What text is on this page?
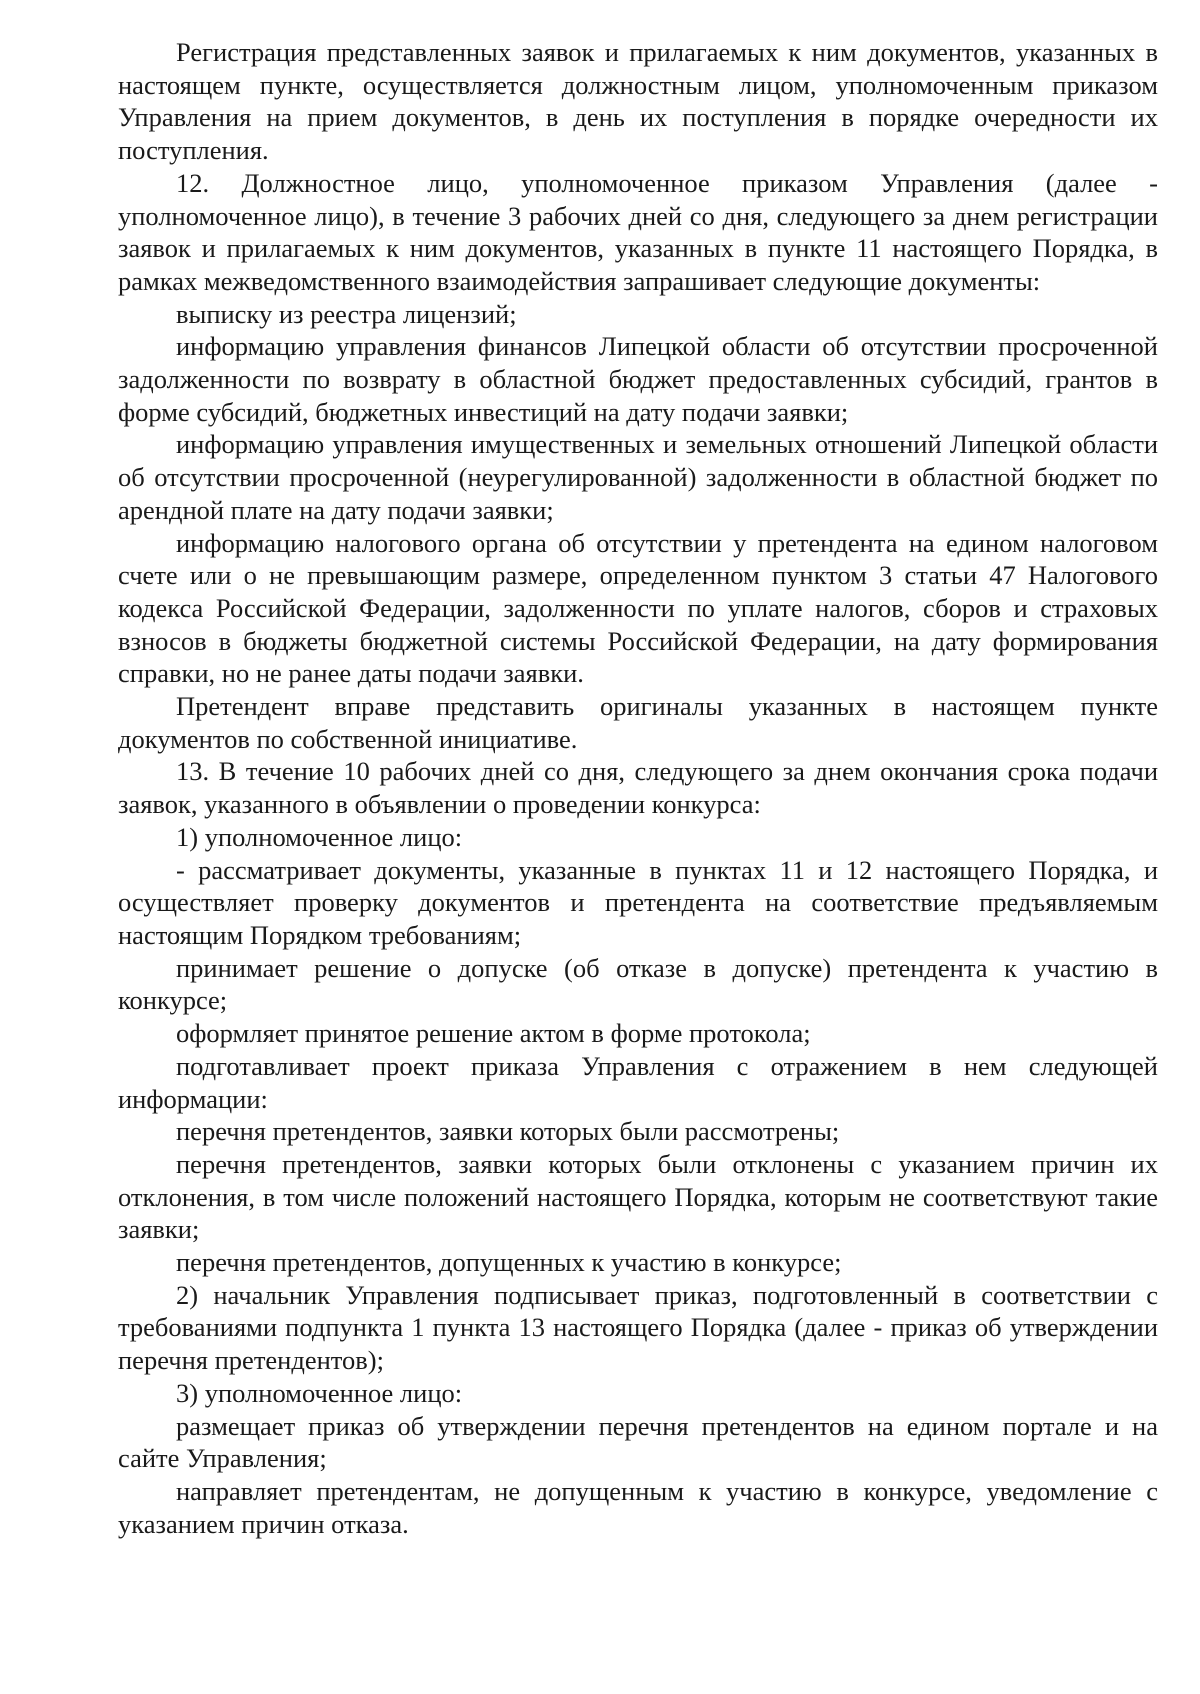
Регистрация представленных заявок и прилагаемых к ним документов, указанных в настоящем пункте, осуществляется должностным лицом, уполномоченным приказом Управления на прием документов, в день их поступления в порядке очередности их поступления.

12. Должностное лицо, уполномоченное приказом Управления (далее - уполномоченное лицо), в течение 3 рабочих дней со дня, следующего за днем регистрации заявок и прилагаемых к ним документов, указанных в пункте 11 настоящего Порядка, в рамках межведомственного взаимодействия запрашивает следующие документы:

выписку из реестра лицензий;

информацию управления финансов Липецкой области об отсутствии просроченной задолженности по возврату в областной бюджет предоставленных субсидий, грантов в форме субсидий, бюджетных инвестиций на дату подачи заявки;

информацию управления имущественных и земельных отношений Липецкой области об отсутствии просроченной (неурегулированной) задолженности в областной бюджет по арендной плате на дату подачи заявки;

информацию налогового органа об отсутствии у претендента на едином налоговом счете или о не превышающим размере, определенном пунктом 3 статьи 47 Налогового кодекса Российской Федерации, задолженности по уплате налогов, сборов и страховых взносов в бюджеты бюджетной системы Российской Федерации, на дату формирования справки, но не ранее даты подачи заявки.

Претендент вправе представить оригиналы указанных в настоящем пункте документов по собственной инициативе.

13. В течение 10 рабочих дней со дня, следующего за днем окончания срока подачи заявок, указанного в объявлении о проведении конкурса:

1) уполномоченное лицо:

- рассматривает документы, указанные в пунктах 11 и 12 настоящего Порядка, и осуществляет проверку документов и претендента на соответствие предъявляемым настоящим Порядком требованиям;

принимает решение о допуске (об отказе в допуске) претендента к участию в конкурсе;

оформляет принятое решение актом в форме протокола;

подготавливает проект приказа Управления с отражением в нем следующей информации:

перечня претендентов, заявки которых были рассмотрены;

перечня претендентов, заявки которых были отклонены с указанием причин их отклонения, в том числе положений настоящего Порядка, которым не соответствуют такие заявки;

перечня претендентов, допущенных к участию в конкурсе;

2) начальник Управления подписывает приказ, подготовленный в соответствии с требованиями подпункта 1 пункта 13 настоящего Порядка (далее - приказ об утверждении перечня претендентов);

3) уполномоченное лицо:

размещает приказ об утверждении перечня претендентов на едином портале и на сайте Управления;

направляет претендентам, не допущенным к участию в конкурсе, уведомление с указанием причин отказа.
